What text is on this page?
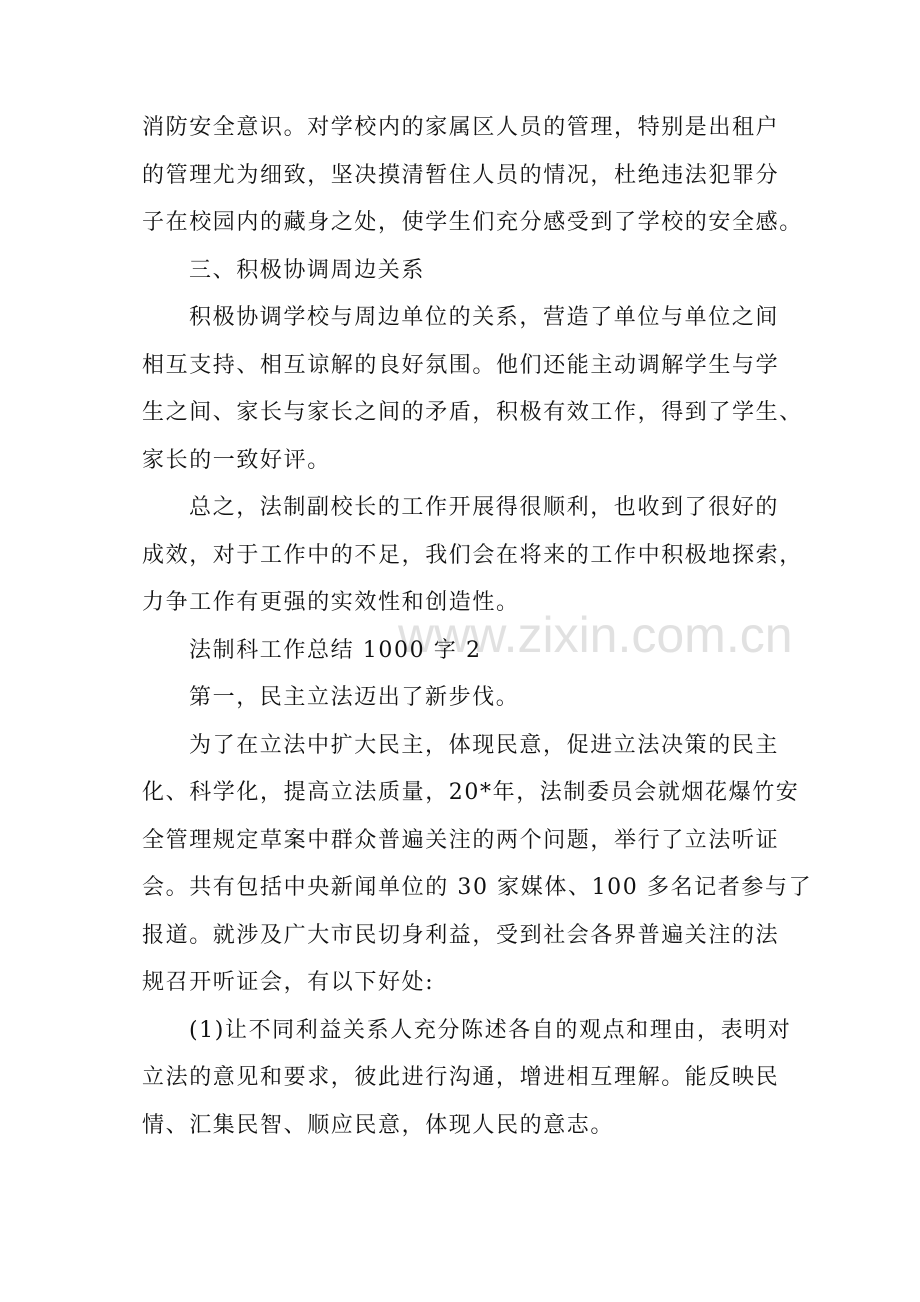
www.zixin.com.cn
消防安全意识。对学校内的家属区人员的管理，特别是出租户
的管理尤为细致，坚决摸清暂住人员的情况，杜绝违法犯罪分
子在校园内的藏身之处，使学生们充分感受到了学校的安全感。
三、积极协调周边关系
积极协调学校与周边单位的关系，营造了单位与单位之间
相互支持、相互谅解的良好氛围。他们还能主动调解学生与学
生之间、家长与家长之间的矛盾，积极有效工作，得到了学生、
家长的一致好评。
总之，法制副校长的工作开展得很顺利，也收到了很好的
成效，对于工作中的不足，我们会在将来的工作中积极地探索，
力争工作有更强的实效性和创造性。
法制科工作总结 1000 字 2
第一，民主立法迈出了新步伐。
为了在立法中扩大民主，体现民意，促进立法决策的民主
化、科学化，提高立法质量，20*年，法制委员会就烟花爆竹安
全管理规定草案中群众普遍关注的两个问题，举行了立法听证
会。共有包括中央新闻单位的 30 家媒体、100 多名记者参与了
报道。就涉及广大市民切身利益，受到社会各界普遍关注的法
规召开听证会，有以下好处:
(1)让不同利益关系人充分陈述各自的观点和理由，表明对
立法的意见和要求，彼此进行沟通，增进相互理解。能反映民
情、汇集民智、顺应民意，体现人民的意志。
